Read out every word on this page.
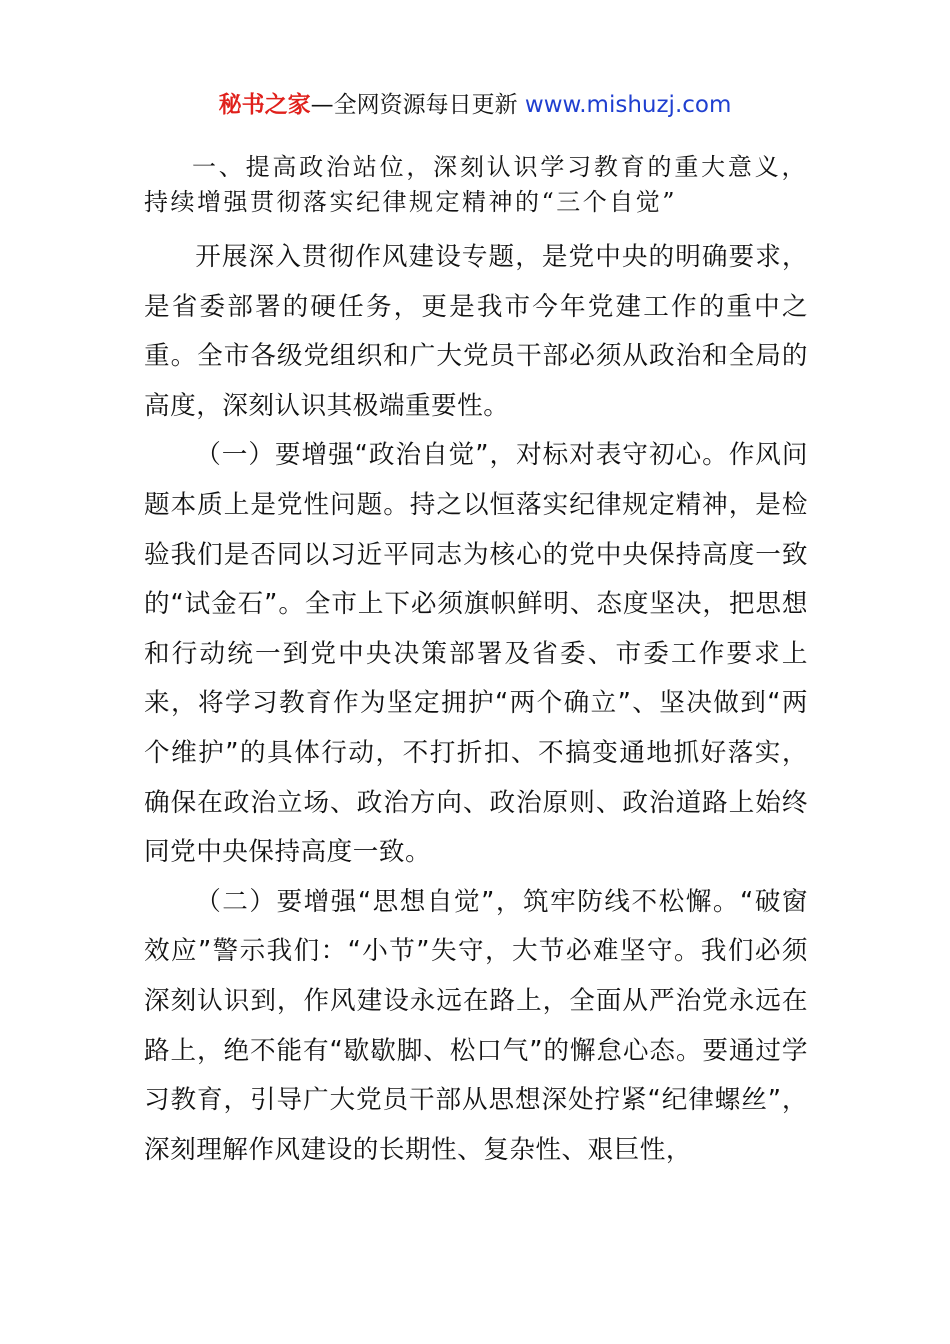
秘书之家—全网资源每日更新 www.mishuzj.com

一、提高政治站位，深刻认识学习教育的重大意义，持续增强贯彻落实纪律规定精神的“三个自觉”

开展深入贯彻作风建设专题，是党中央的明确要求，是省委部署的硬任务，更是我市今年党建工作的重中之重。全市各级党组织和广大党员干部必须从政治和全局的高度，深刻认识其极端重要性。

（一）要增强“政治自觉”，对标对表守初心。作风问题本质上是党性问题。持之以恒落实纪律规定精神，是检验我们是否同以习近平同志为核心的党中央保持高度一致的“试金石”。全市上下必须旗帜鲜明、态度坚决，把思想和行动统一到党中央决策部署及省委、市委工作要求上来，将学习教育作为坚定拥护“两个确立”、坚决做到“两个维护”的具体行动，不打折扣、不搞变通地抓好落实，确保在政治立场、政治方向、政治原则、政治道路上始终同党中央保持高度一致。

（二）要增强“思想自觉”，筑牢防线不松懈。“破窗效应”警示我们：“小节”失守，大节必难坚守。我们必须深刻认识到，作风建设永远在路上，全面从严治党永远在路上，绝不能有“歇歇脚、松口气”的懈怠心态。要通过学习教育，引导广大党员干部从思想深处拧紧“纪律螺丝”，深刻理解作风建设的长期性、复杂性、艰巨性，
